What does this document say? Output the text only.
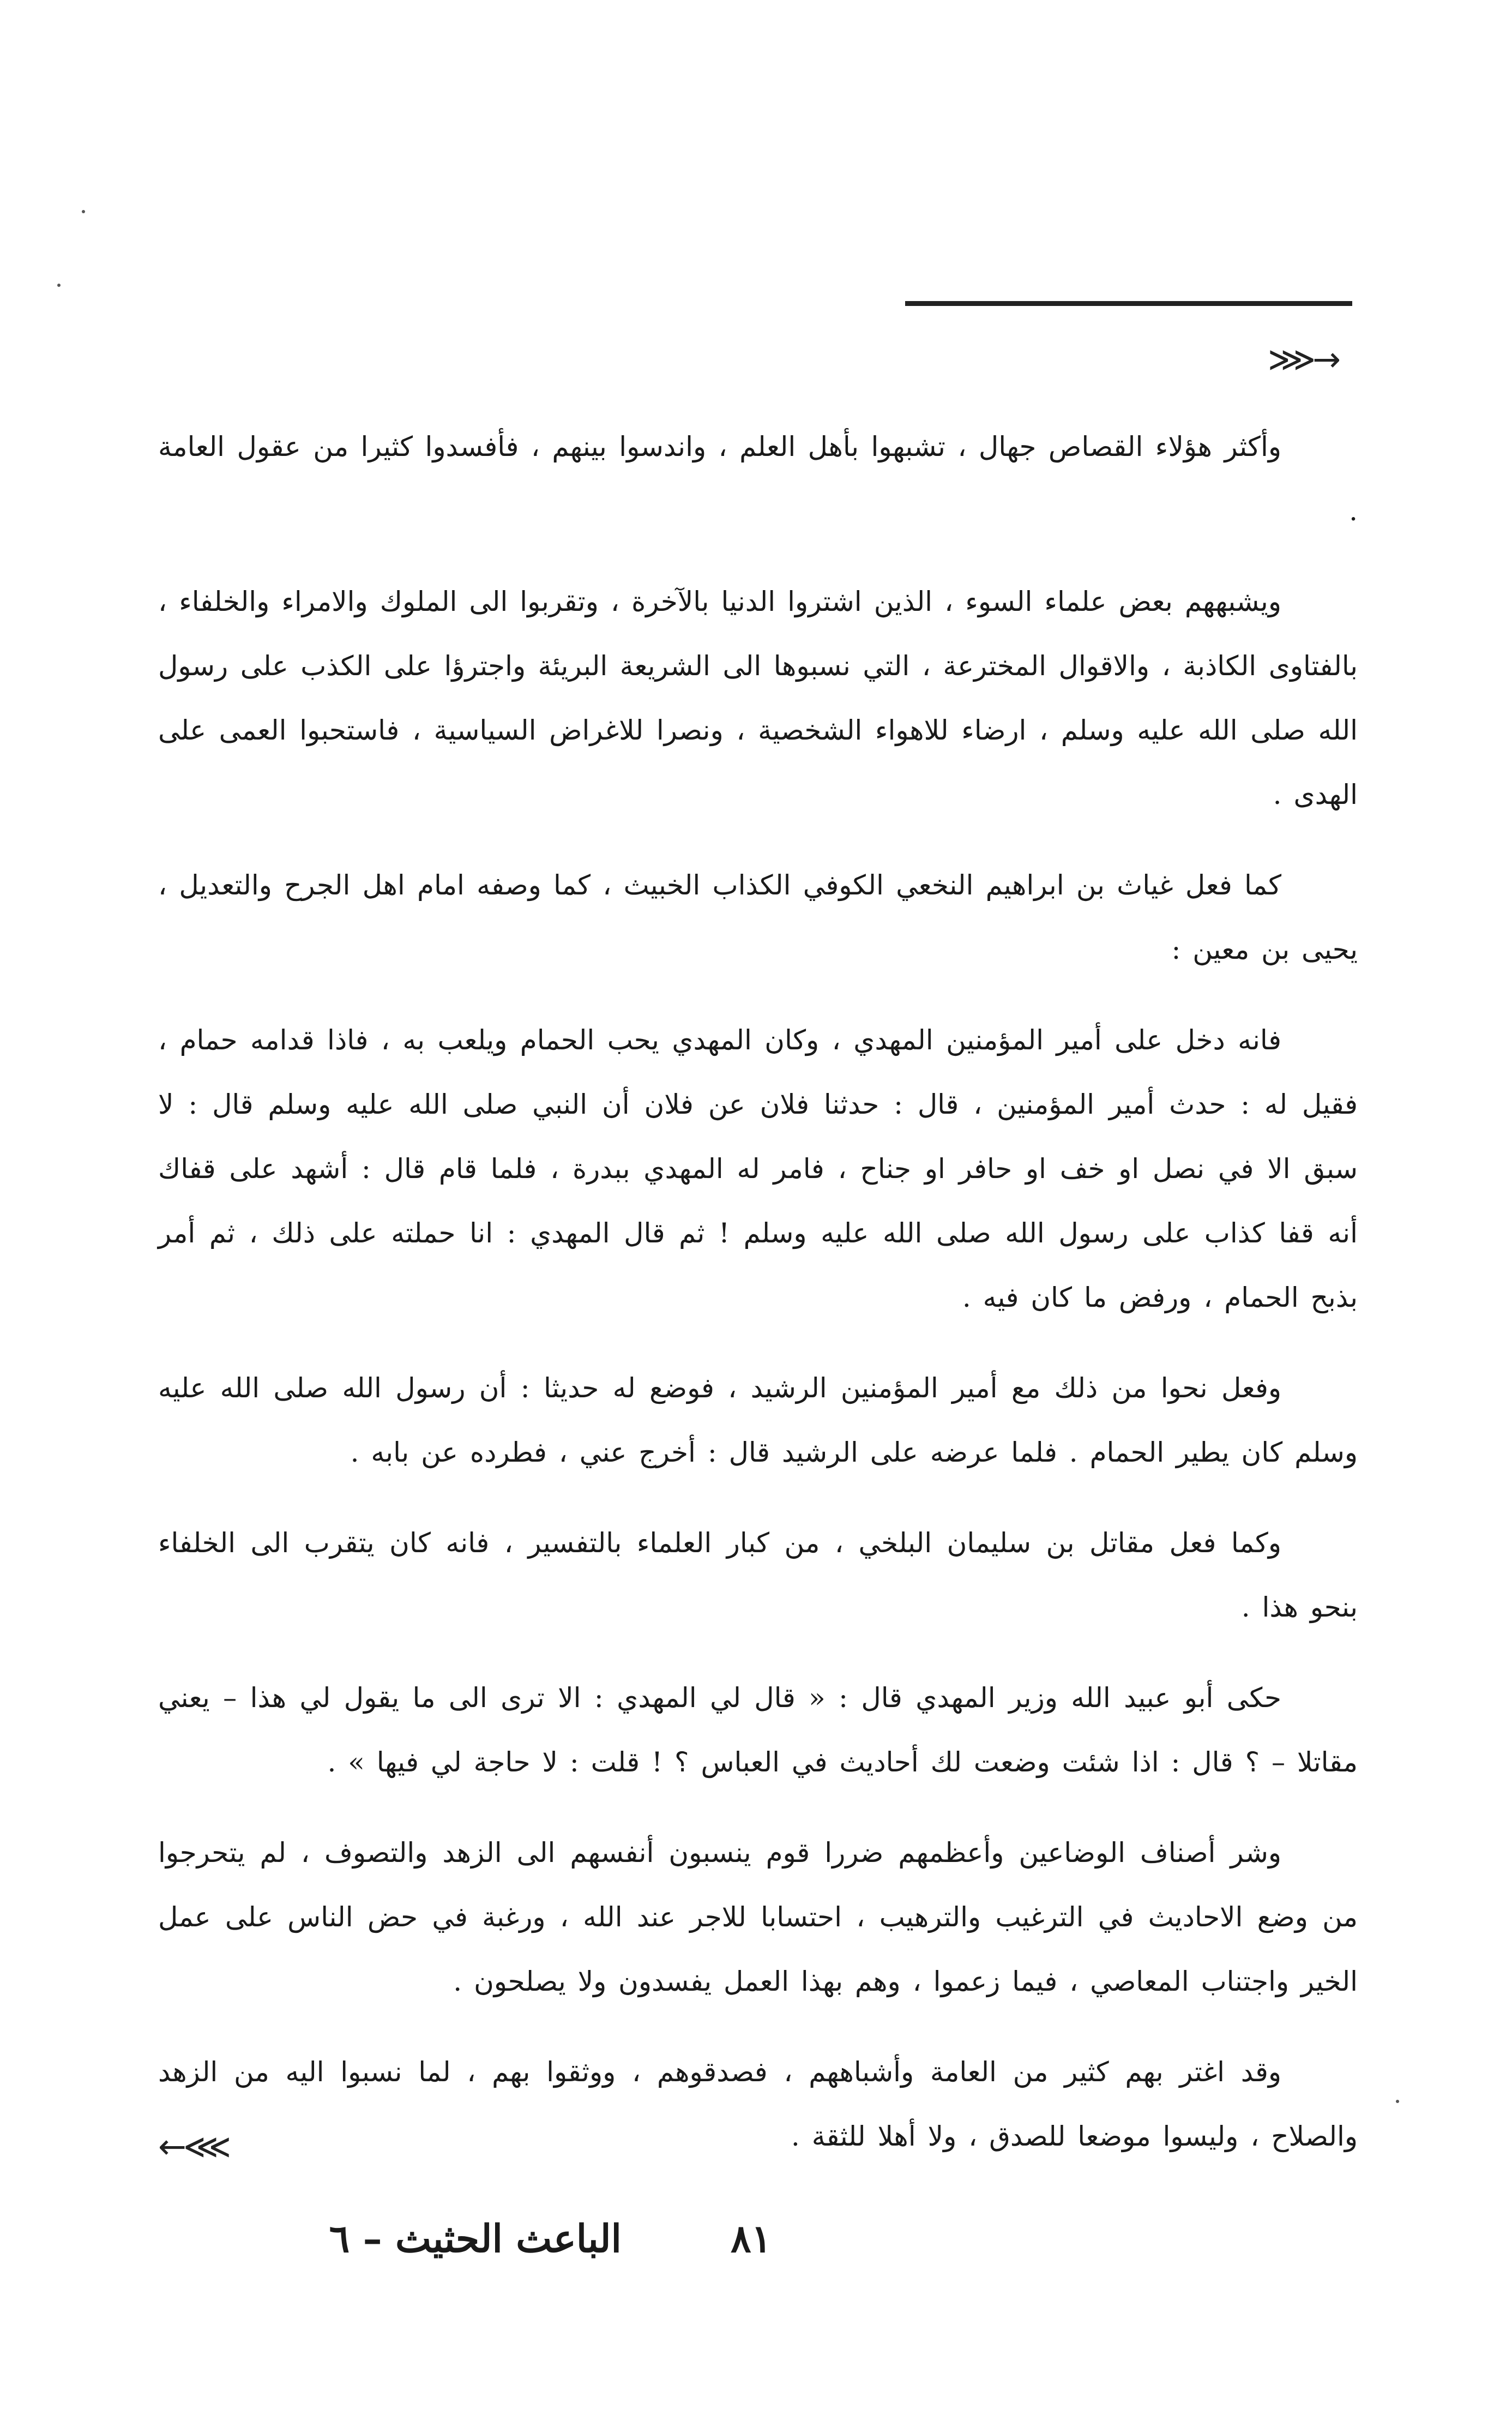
⋙→

وأكثر هؤلاء القصاص جهال ، تشبهوا بأهل العلم ، واندسوا بينهم ، فأفسدوا كثيرا من عقول العامة .

ويشبههم بعض علماء السوء ، الذين اشتروا الدنيا بالآخرة ، وتقربوا الى الملوك والامراء والخلفاء ، بالفتاوى الكاذبة ، والاقوال المخترعة ، التي نسبوها الى الشريعة البريئة واجترؤا على الكذب على رسول الله صلى الله عليه وسلم ، ارضاء للاهواء الشخصية ، ونصرا للاغراض السياسية ، فاستحبوا العمى على الهدى .

كما فعل غياث بن ابراهيم النخعي الكوفي الكذاب الخبيث ، كما وصفه امام اهل الجرح والتعديل ، يحيى بن معين :

فانه دخل على أمير المؤمنين المهدي ، وكان المهدي يحب الحمام ويلعب به ، فاذا قدامه حمام ، فقيل له : حدث أمير المؤمنين ، قال : حدثنا فلان عن فلان أن النبي صلى الله عليه وسلم قال : لا سبق الا في نصل او خف او حافر او جناح ، فامر له المهدي ببدرة ، فلما قام قال : أشهد على قفاك أنه قفا كذاب على رسول الله صلى الله عليه وسلم ! ثم قال المهدي : انا حملته على ذلك ، ثم أمر بذبح الحمام ، ورفض ما كان فيه .

وفعل نحوا من ذلك مع أمير المؤمنين الرشيد ، فوضع له حديثا : أن رسول الله صلى الله عليه وسلم كان يطير الحمام . فلما عرضه على الرشيد قال : أخرج عني ، فطرده عن بابه .

وكما فعل مقاتل بن سليمان البلخي ، من كبار العلماء بالتفسير ، فانه كان يتقرب الى الخلفاء بنحو هذا .

حكى أبو عبيد الله وزير المهدي قال : « قال لي المهدي : الا ترى الى ما يقول لي هذا – يعني مقاتلا – ؟ قال : اذا شئت وضعت لك أحاديث في العباس ؟ ! قلت : لا حاجة لي فيها » .

وشر أصناف الوضاعين وأعظمهم ضررا قوم ينسبون أنفسهم الى الزهد والتصوف ، لم يتحرجوا من وضع الاحاديث في الترغيب والترهيب ، احتسابا للاجر عند الله ، ورغبة في حض الناس على عمل الخير واجتناب المعاصي ، فيما زعموا ، وهم بهذا العمل يفسدون ولا يصلحون .

وقد اغتر بهم كثير من العامة وأشباههم ، فصدقوهم ، ووثقوا بهم ، لما نسبوا اليه من الزهد والصلاح ، وليسوا موضعا للصدق ، ولا أهلا للثقة .

←⋘
الباعث الحثيث – ٦	٨١
